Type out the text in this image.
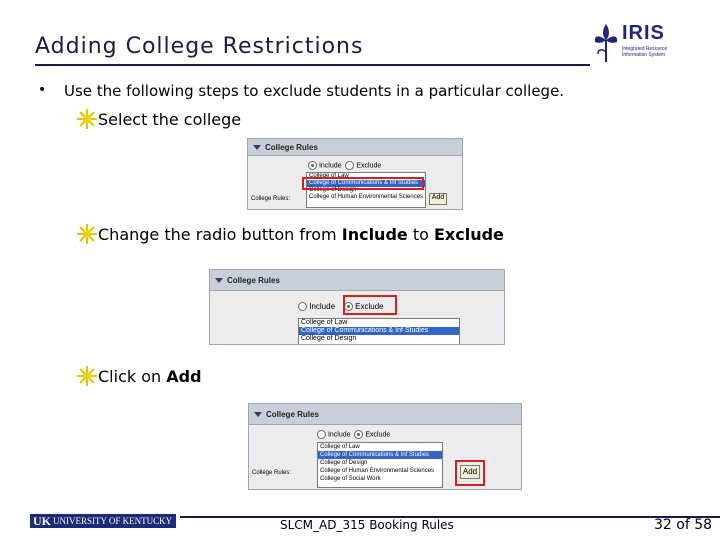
Adding College Restrictions
IRIS
Integrated Resource Information System
• Use the following steps to exclude students in a particular college.
Select the college
College Rules
Include Exclude
College Rules:
College of Law
College of Communications & Inf Studies
College of Design
College of Human Environmental Sciences	Add
Change the radio button from Include to Exclude
College Rules
Include	Exclude
College of Law
College of Communications & Inf Studies
College of Design
Click on Add
College Rules
Include Exclude
College Rules:
College of Law
College of Communications & Inf Studies
College of Design
College of Human Environmental Sciences
College of Social Work
Add
UK UNIVERSITY OF KENTUCKY	SLCM_AD_315 Booking Rules	32 of 58
